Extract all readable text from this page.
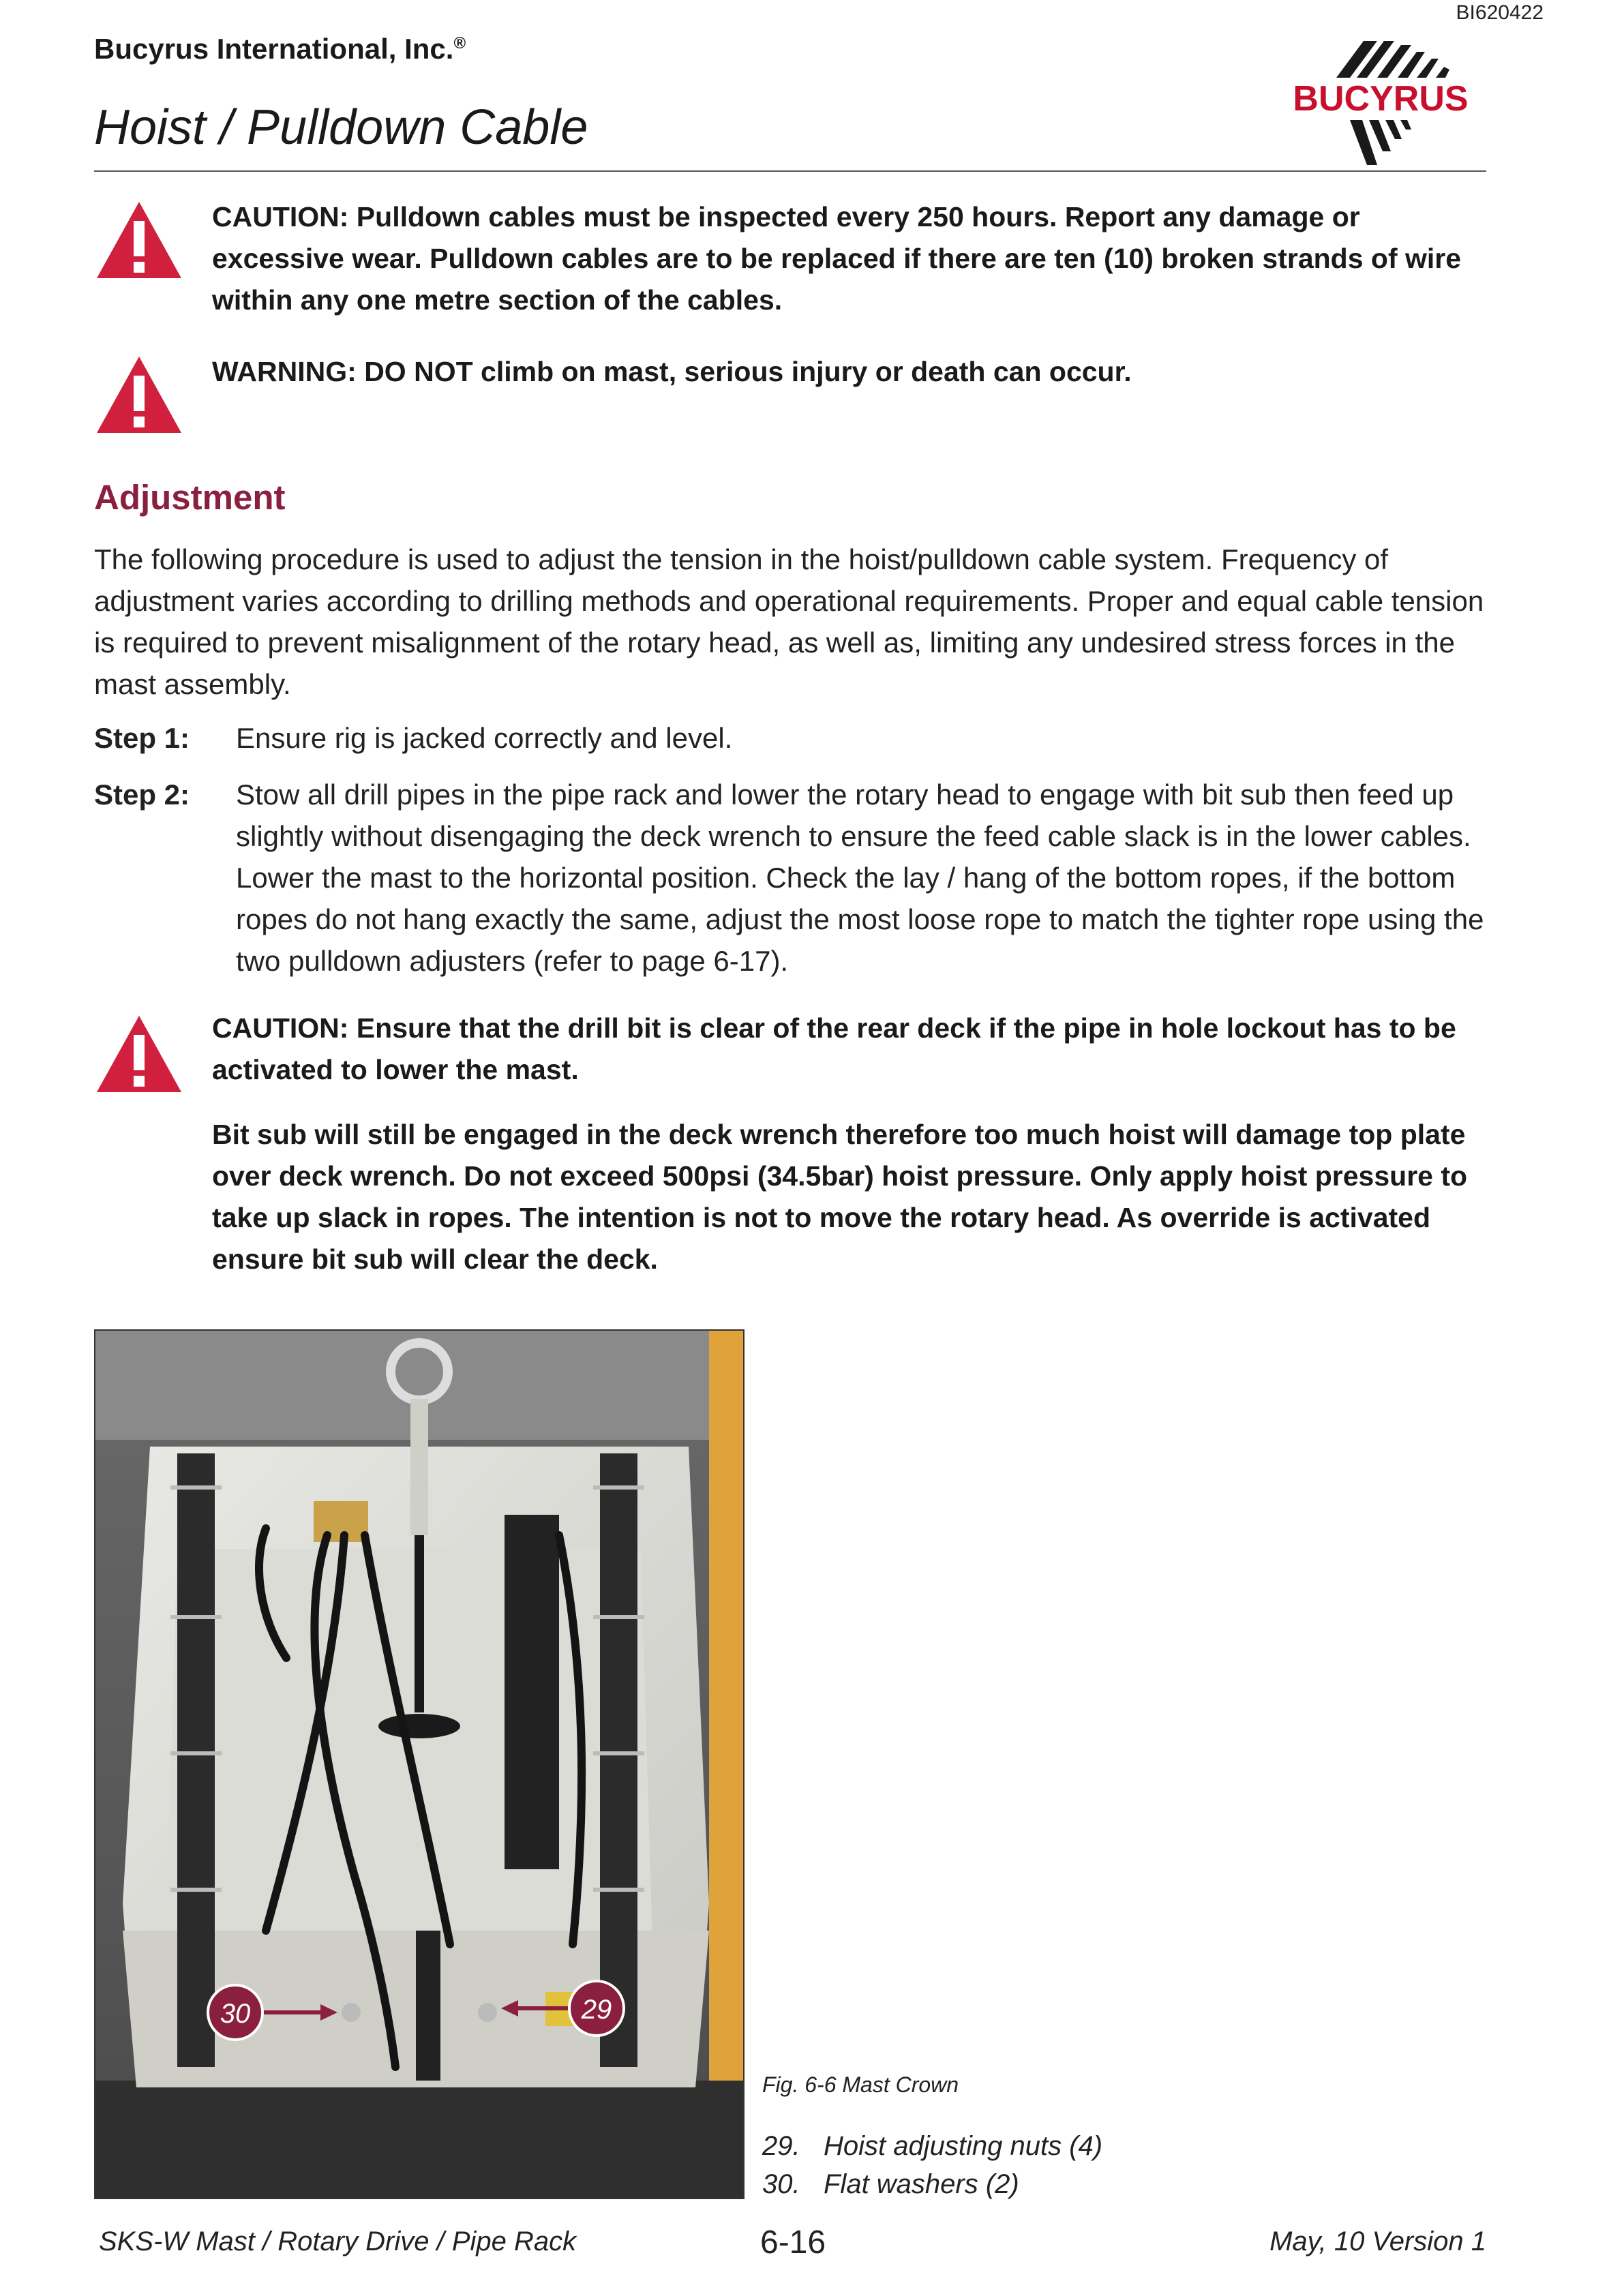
BI620422
Bucyrus International, Inc.®
Hoist / Pulldown Cable
BUCYRUS
CAUTION: Pulldown cables must be inspected every 250 hours. Report any damage or excessive wear. Pulldown cables are to be replaced if there are ten (10) broken strands of wire within any one metre section of the cables.
WARNING: DO NOT climb on mast, serious injury or death can occur.
Adjustment
The following procedure is used to adjust the tension in the hoist/pulldown cable system. Frequency of adjustment varies according to drilling methods and operational requirements. Proper and equal cable tension is required to prevent misalignment of the rotary head, as well as, limiting any undesired stress forces in the mast assembly.
Step 1: Ensure rig is jacked correctly and level.
Step 2: Stow all drill pipes in the pipe rack and lower the rotary head to engage with bit sub then feed up slightly without disengaging the deck wrench to ensure the feed cable slack is in the lower cables. Lower the mast to the horizontal position. Check the lay / hang of the bottom ropes, if the bottom ropes do not hang exactly the same, adjust the most loose rope to match the tighter rope using the two pulldown adjusters (refer to page 6-17).
CAUTION: Ensure that the drill bit is clear of the rear deck if the pipe in hole lockout has to be activated to lower the mast.
Bit sub will still be engaged in the deck wrench therefore too much hoist will damage top plate over deck wrench. Do not exceed 500psi (34.5bar) hoist pressure. Only apply hoist pressure to take up slack in ropes. The intention is not to move the rotary head. As override is activated ensure bit sub will clear the deck.
30	29
Fig. 6-6 Mast Crown
29. Hoist adjusting nuts (4)
30. Flat washers (2)
SKS-W Mast / Rotary Drive / Pipe Rack	6-16	May, 10 Version 1
